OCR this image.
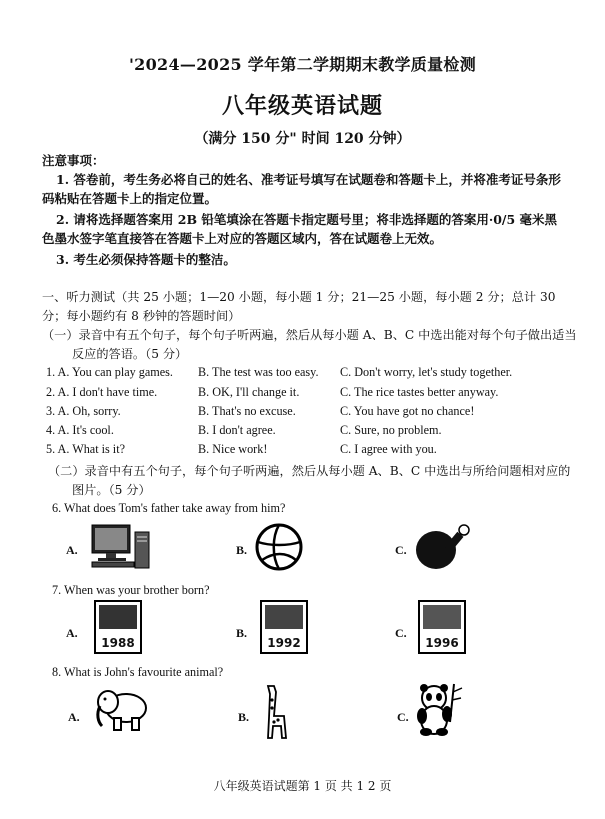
'2024—2025 学年第二学期期末教学质量检测
八年级英语试题
（满分 150 分" 时间 120 分钟）
注意事项：
1. 答卷前，考生务必将自己的姓名、准考证号填写在试题卷和答题卡上，并将准考证号条形码粘贴在答题卡上的指定位置。
2. 请将选择题答案用 2B 铅笔填涂在答题卡指定题号里；将非选择题的答案用·0/5 毫米黑色墨水签字笔直接答在答题卡上对应的答题区域内，答在试题卷上无效。
3. 考生必须保持答题卡的整洁。
一、听力测试（共 25 小题；1—20 小题，每小题 1 分；21—25 小题，每小题 2 分；总计 30 分；每小题约有 8 秒钟的答题时间）
（一）录音中有五个句子，每个句子听两遍，然后从每小题 A、B、C 中选出能对每个句子做出适当反应的答语。（5 分）
1. A. You can play games. B. The test was too easy. C. Don't worry, let's study together.
2. A. I don't have time.	B. OK, I'll change it.	C. The rice tastes better anyway.
3. A. Oh, sorry.	B. That's no excuse.	C. You have got no chance!
4. A. It's cool.	B. I don't agree.	C. Sure, no problem.
5. A. What is it?	B. Nice work!	C. I agree with you.
（二）录音中有五个句子，每个句子听两遍，然后从每小题 A、B、C 中选出与所给问题相对应的图片。（5 分）
6. What does Tom's father take away from him?
A.	B.	C.
7. When was your brother born?
A.
1988
B.
1992
C.
1996
8. What is John's favourite animal?
A.	B.	C.
八年级英语试题第 1 页 共 1 2 页
